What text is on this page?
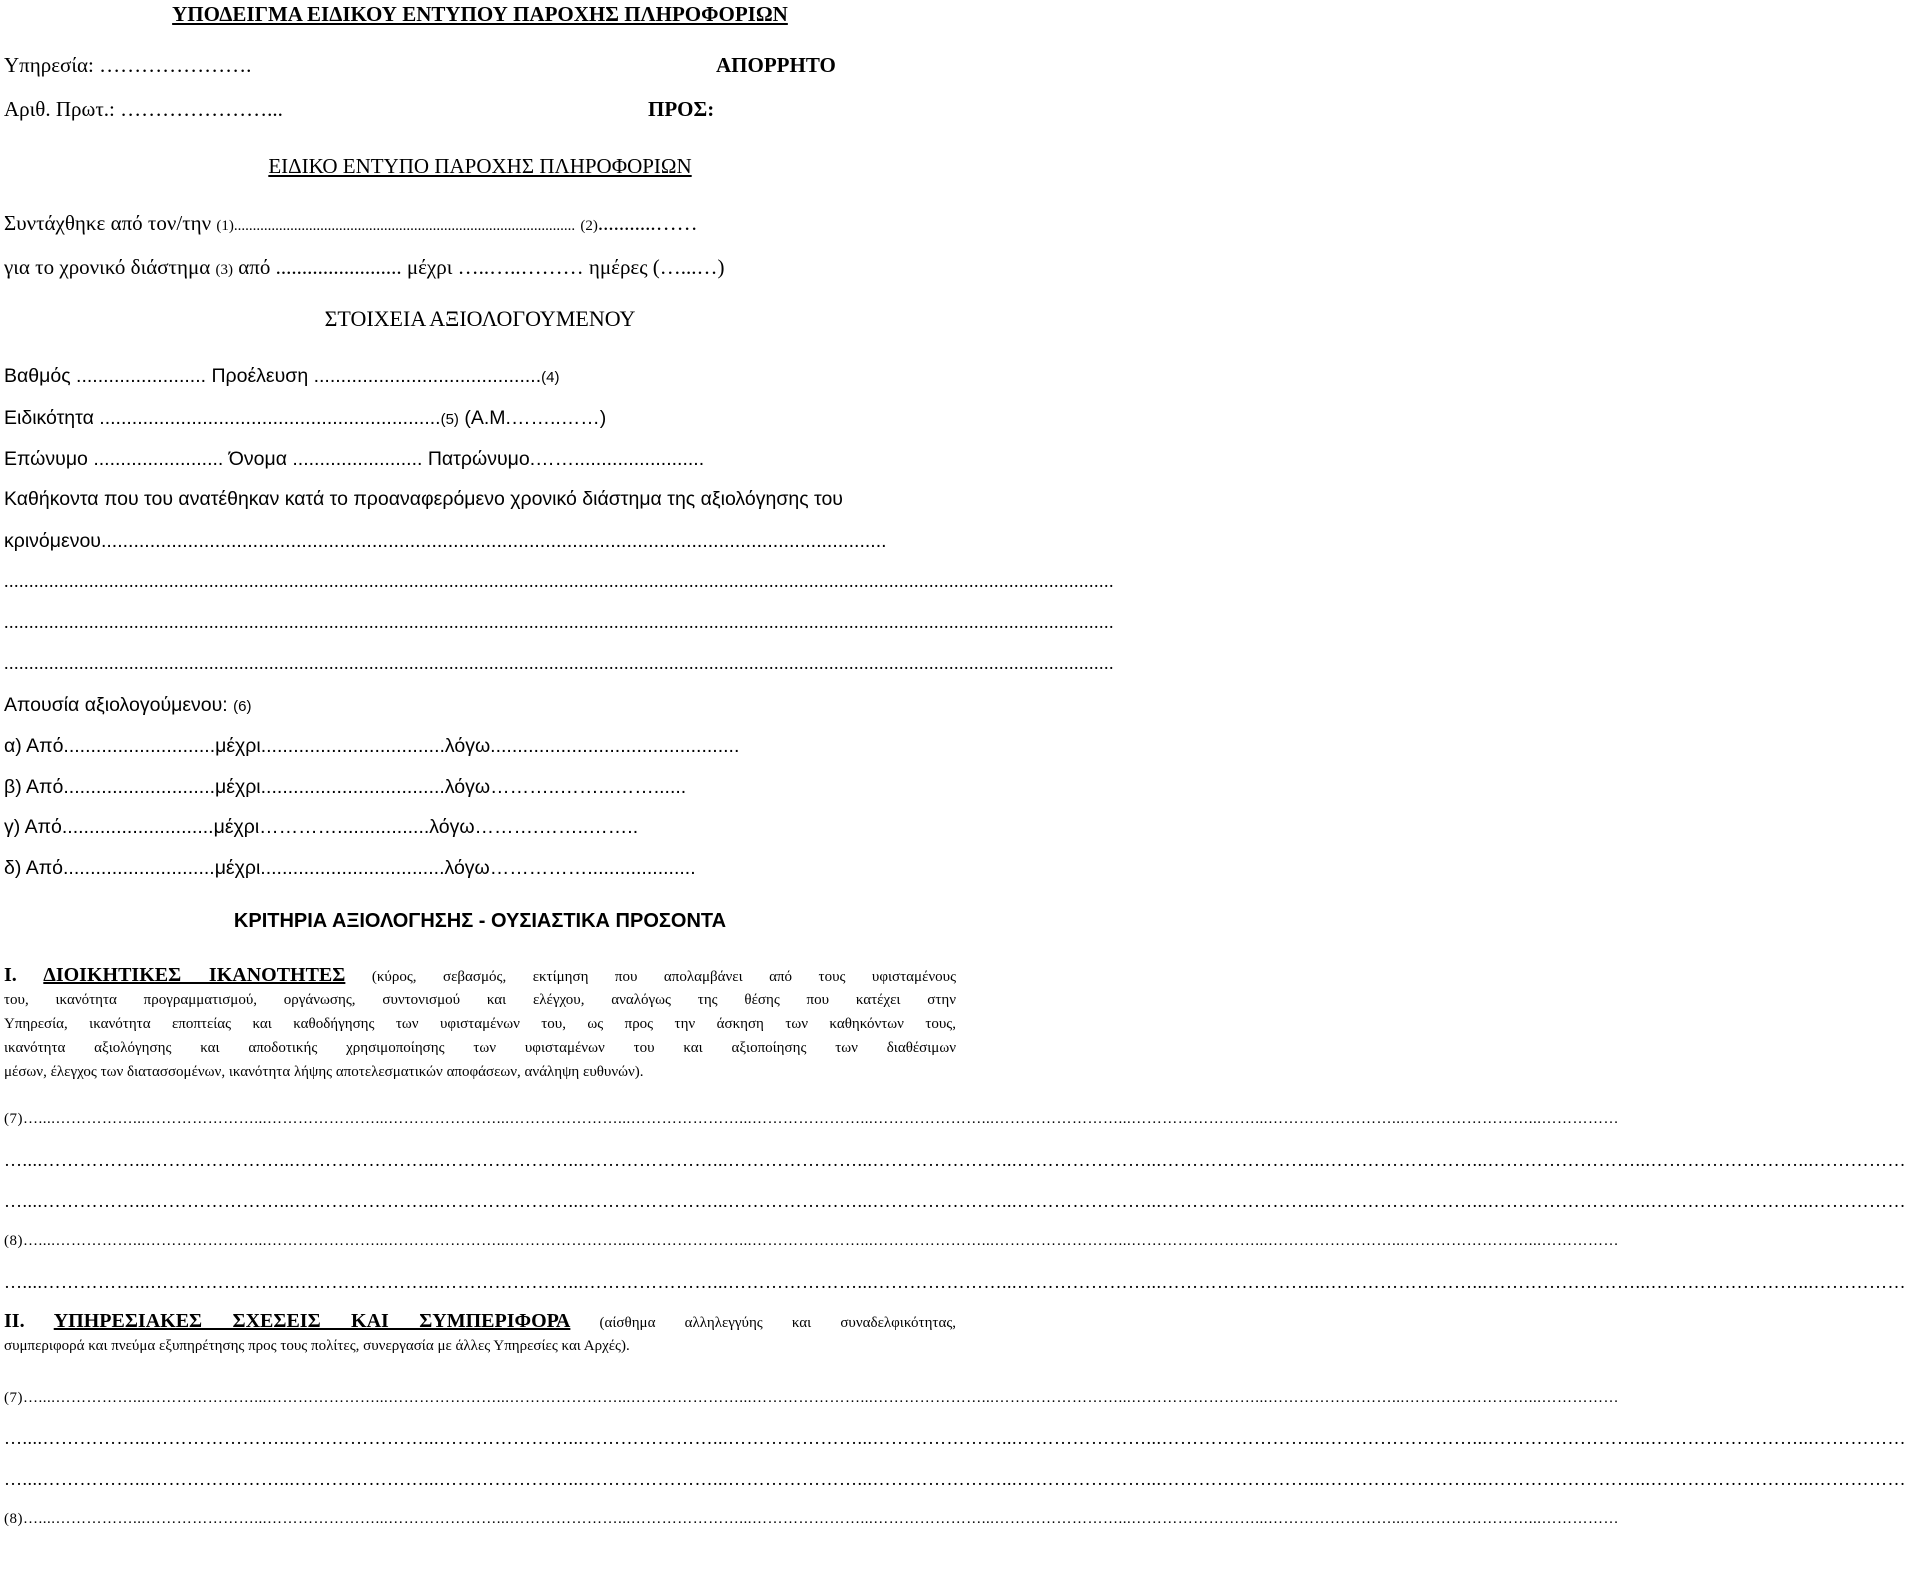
ΥΠΟΔΕΙΓΜΑ ΕΙΔΙΚΟΥ ΕΝΤΥΠΟΥ ΠΑΡΟΧΗΣ ΠΛΗΡΟΦΟΡΙΩΝ
Υπηρεσία: ………………….	ΑΠΟΡΡΗΤΟ
Αριθ. Πρωτ.: …………………...	ΠΡΟΣ:
ΕΙΔΙΚΟ ΕΝΤΥΠΟ ΠΑΡΟΧΗΣ ΠΛΗΡΟΦΟΡΙΩΝ
Συντάχθηκε από τον/την (1)........................................................................................... (2)...........……
για το χρονικό διάστημα (3) από ........................ μέχρι …..…..……… ημέρες (…...…)
ΣΤΟΙΧΕΙΑ ΑΞΙΟΛΟΓΟΥΜΕΝΟΥ
Βαθμός ........................ Προέλευση ..........................................(4)
Ειδικότητα ...............................................................(5) (Α.Μ.……..……)
Επώνυμο ........................ Όνομα ........................ Πατρώνυμο.……........................
Καθήκοντα που του ανατέθηκαν κατά το προαναφερόμενο χρονικό διάστημα της αξιολόγησης του
κρινόμενου.................................................................................................................................................
..............................................................................................................................................................................................................................
..............................................................................................................................................................................................................................
..............................................................................................................................................................................................................................
Απουσία αξιολογούμενου: (6)
α) Από............................μέχρι..................................λόγω..............................................
β) Από............................μέχρι..................................λόγω………..……...……......
γ) Από............................μέχρι………….................λόγω……….……..……..
δ) Από............................μέχρι..................................λόγω……………....................
ΚΡΙΤΗΡΙΑ ΑΞΙΟΛΟΓΗΣΗΣ - ΟΥΣΙΑΣΤΙΚΑ ΠΡΟΣΟΝΤΑ
Ι. ΔΙΟΙΚΗΤΙΚΕΣ ΙΚΑΝΟΤΗΤΕΣ (κύρος, σεβασμός, εκτίμηση που απολαμβάνει από τους υφισταμένους
του, ικανότητα προγραμματισμού, οργάνωσης, συντονισμού και ελέγχου, αναλόγως της θέσης που κατέχει στην
Υπηρεσία, ικανότητα εποπτείας και καθοδήγησης των υφισταμένων του, ως προς την άσκηση των καθηκόντων τους,
ικανότητα αξιολόγησης και αποδοτικής χρησιμοποίησης των υφισταμένων του και αξιοποίησης των διαθέσιμων
μέσων, έλεγχος των διατασσομένων, ικανότητα λήψης αποτελεσματικών αποφάσεων, ανάληψη ευθυνών).
(7)…....……………...…………………...…………………...…………………...…………………...…………………...…………………...…………………...……………………...……………………...……………………...……………………...……………
…....……………...…………………...…………………...…………………...…………………...…………………...…………………...…………………...……………………...……………………...……………………...……………………...……………
…....……………...…………………...…………………...…………………...…………………...…………………...…………………...…………………...……………………...……………………...……………………...……………………...……………
(8)…....……………...…………………...…………………...…………………...…………………...…………………...…………………...…………………...……………………...……………………...……………………...……………………...……………
…....……………...…………………...…………………...…………………...…………………...…………………...…………………...…………………...……………………...……………………...……………………...……………………...……………
ΙΙ. ΥΠΗΡΕΣΙΑΚΕΣ ΣΧΕΣΕΙΣ ΚΑΙ ΣΥΜΠΕΡΙΦΟΡΑ (αίσθημα αλληλεγγύης και συναδελφικότητας,
συμπεριφορά και πνεύμα εξυπηρέτησης προς τους πολίτες, συνεργασία με άλλες Υπηρεσίες και Αρχές).
(7)…....……………...…………………...…………………...…………………...…………………...…………………...…………………...…………………...……………………...……………………...……………………...……………………...……………
…....……………...…………………...…………………...…………………...…………………...…………………...…………………...…………………...……………………...……………………...……………………...……………………...……………
…....……………...…………………...…………………...…………………...…………………...…………………...…………………...…………………...……………………...……………………...……………………...……………………...……………
(8)…....……………...…………………...…………………...…………………...…………………...…………………...…………………...…………………...……………………...……………………...……………………...……………………...……………
